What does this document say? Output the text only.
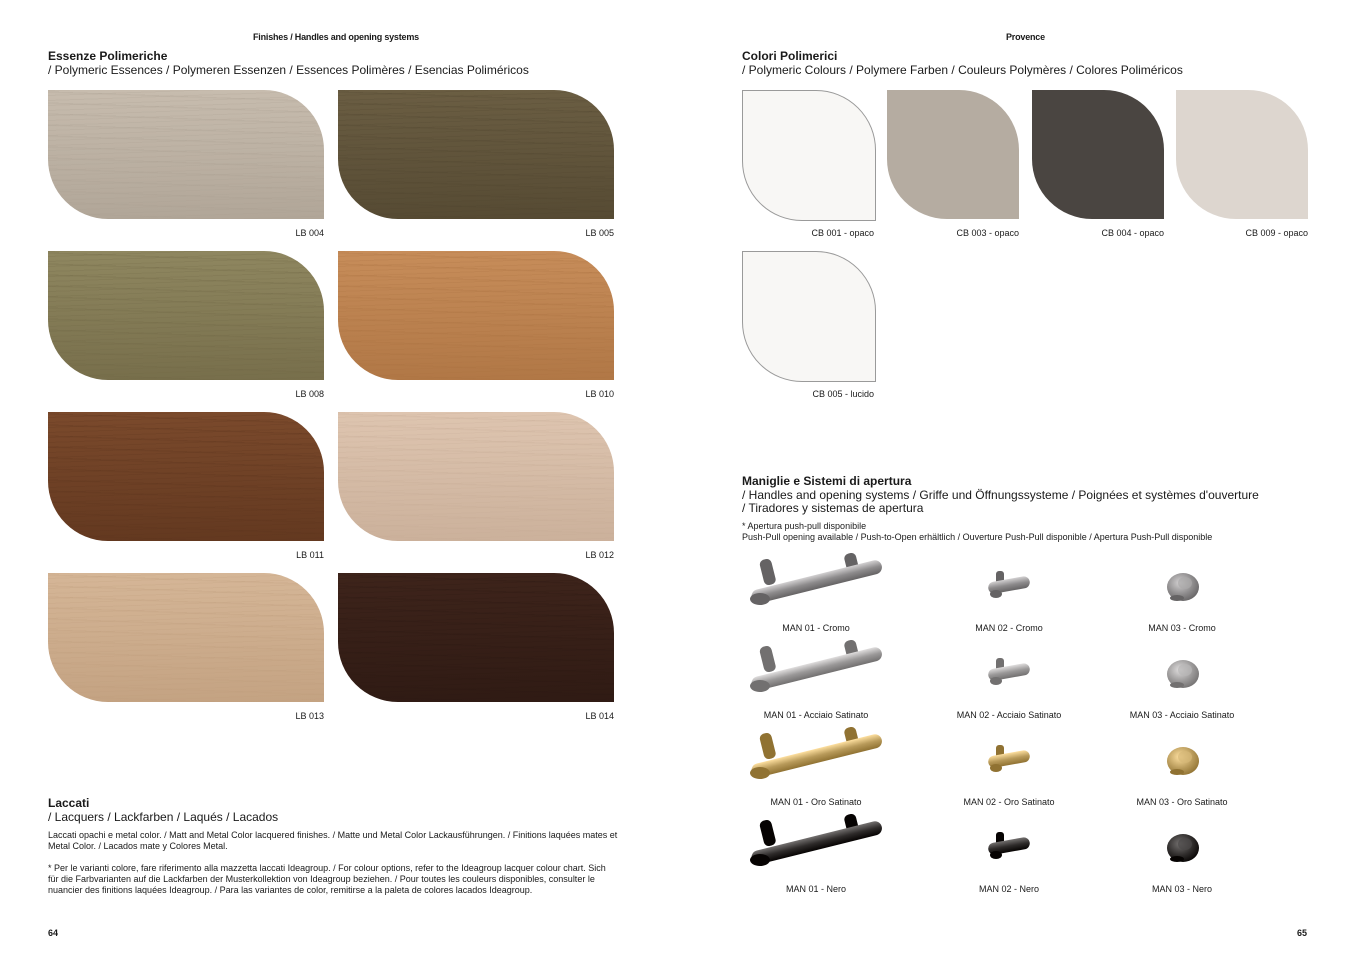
Finishes / Handles and opening systems
Essenze Polimeriche
/ Polymeric Essences / Polymeren Essenzen / Essences Polimères / Esencias Poliméricos
LB 004	LB 005
LB 008	LB 010
LB 011	LB 012
LB 013	LB 014
Laccati
/ Lacquers / Lackfarben / Laqués / Lacados
Laccati opachi e metal color. / Matt and Metal Color lacquered finishes. / Matte und Metal Color Lackausführungen. / Finitions laquées mates et Metal Color. / Lacados mate y Colores Metal.
* Per le varianti colore, fare riferimento alla mazzetta laccati Ideagroup. / For colour options, refer to the Ideagroup lacquer colour chart. Sich für die Farbvarianten auf die Lackfarben der Musterkollektion von Ideagroup beziehen. / Pour toutes les couleurs disponibles, consulter le nuancier des finitions laquées Ideagroup. / Para las variantes de color, remitirse a la paleta de colores lacados Ideagroup.
64
Provence
Colori Polimerici
/ Polymeric Colours / Polymere Farben / Couleurs Polymères / Colores Poliméricos
CB 001 - opaco	CB 003 - opaco	CB 004 - opaco	CB 009 - opaco
CB 005 - lucido
Maniglie e Sistemi di apertura
/ Handles and opening systems / Griffe und Öffnungssysteme / Poignées et systèmes d'ouverture
/ Tiradores y sistemas de apertura
* Apertura push-pull disponibile
Push-Pull opening available / Push-to-Open erhältlich / Ouverture Push-Pull disponible / Apertura Push-Pull disponible
MAN 01 - Cromo	MAN 02 - Cromo	MAN 03 - Cromo
MAN 01 - Acciaio Satinato	MAN 02 - Acciaio Satinato	MAN 03 - Acciaio Satinato
MAN 01 - Oro Satinato	MAN 02 - Oro Satinato	MAN 03 - Oro Satinato
MAN 01 - Nero	MAN 02 - Nero	MAN 03 - Nero
65
